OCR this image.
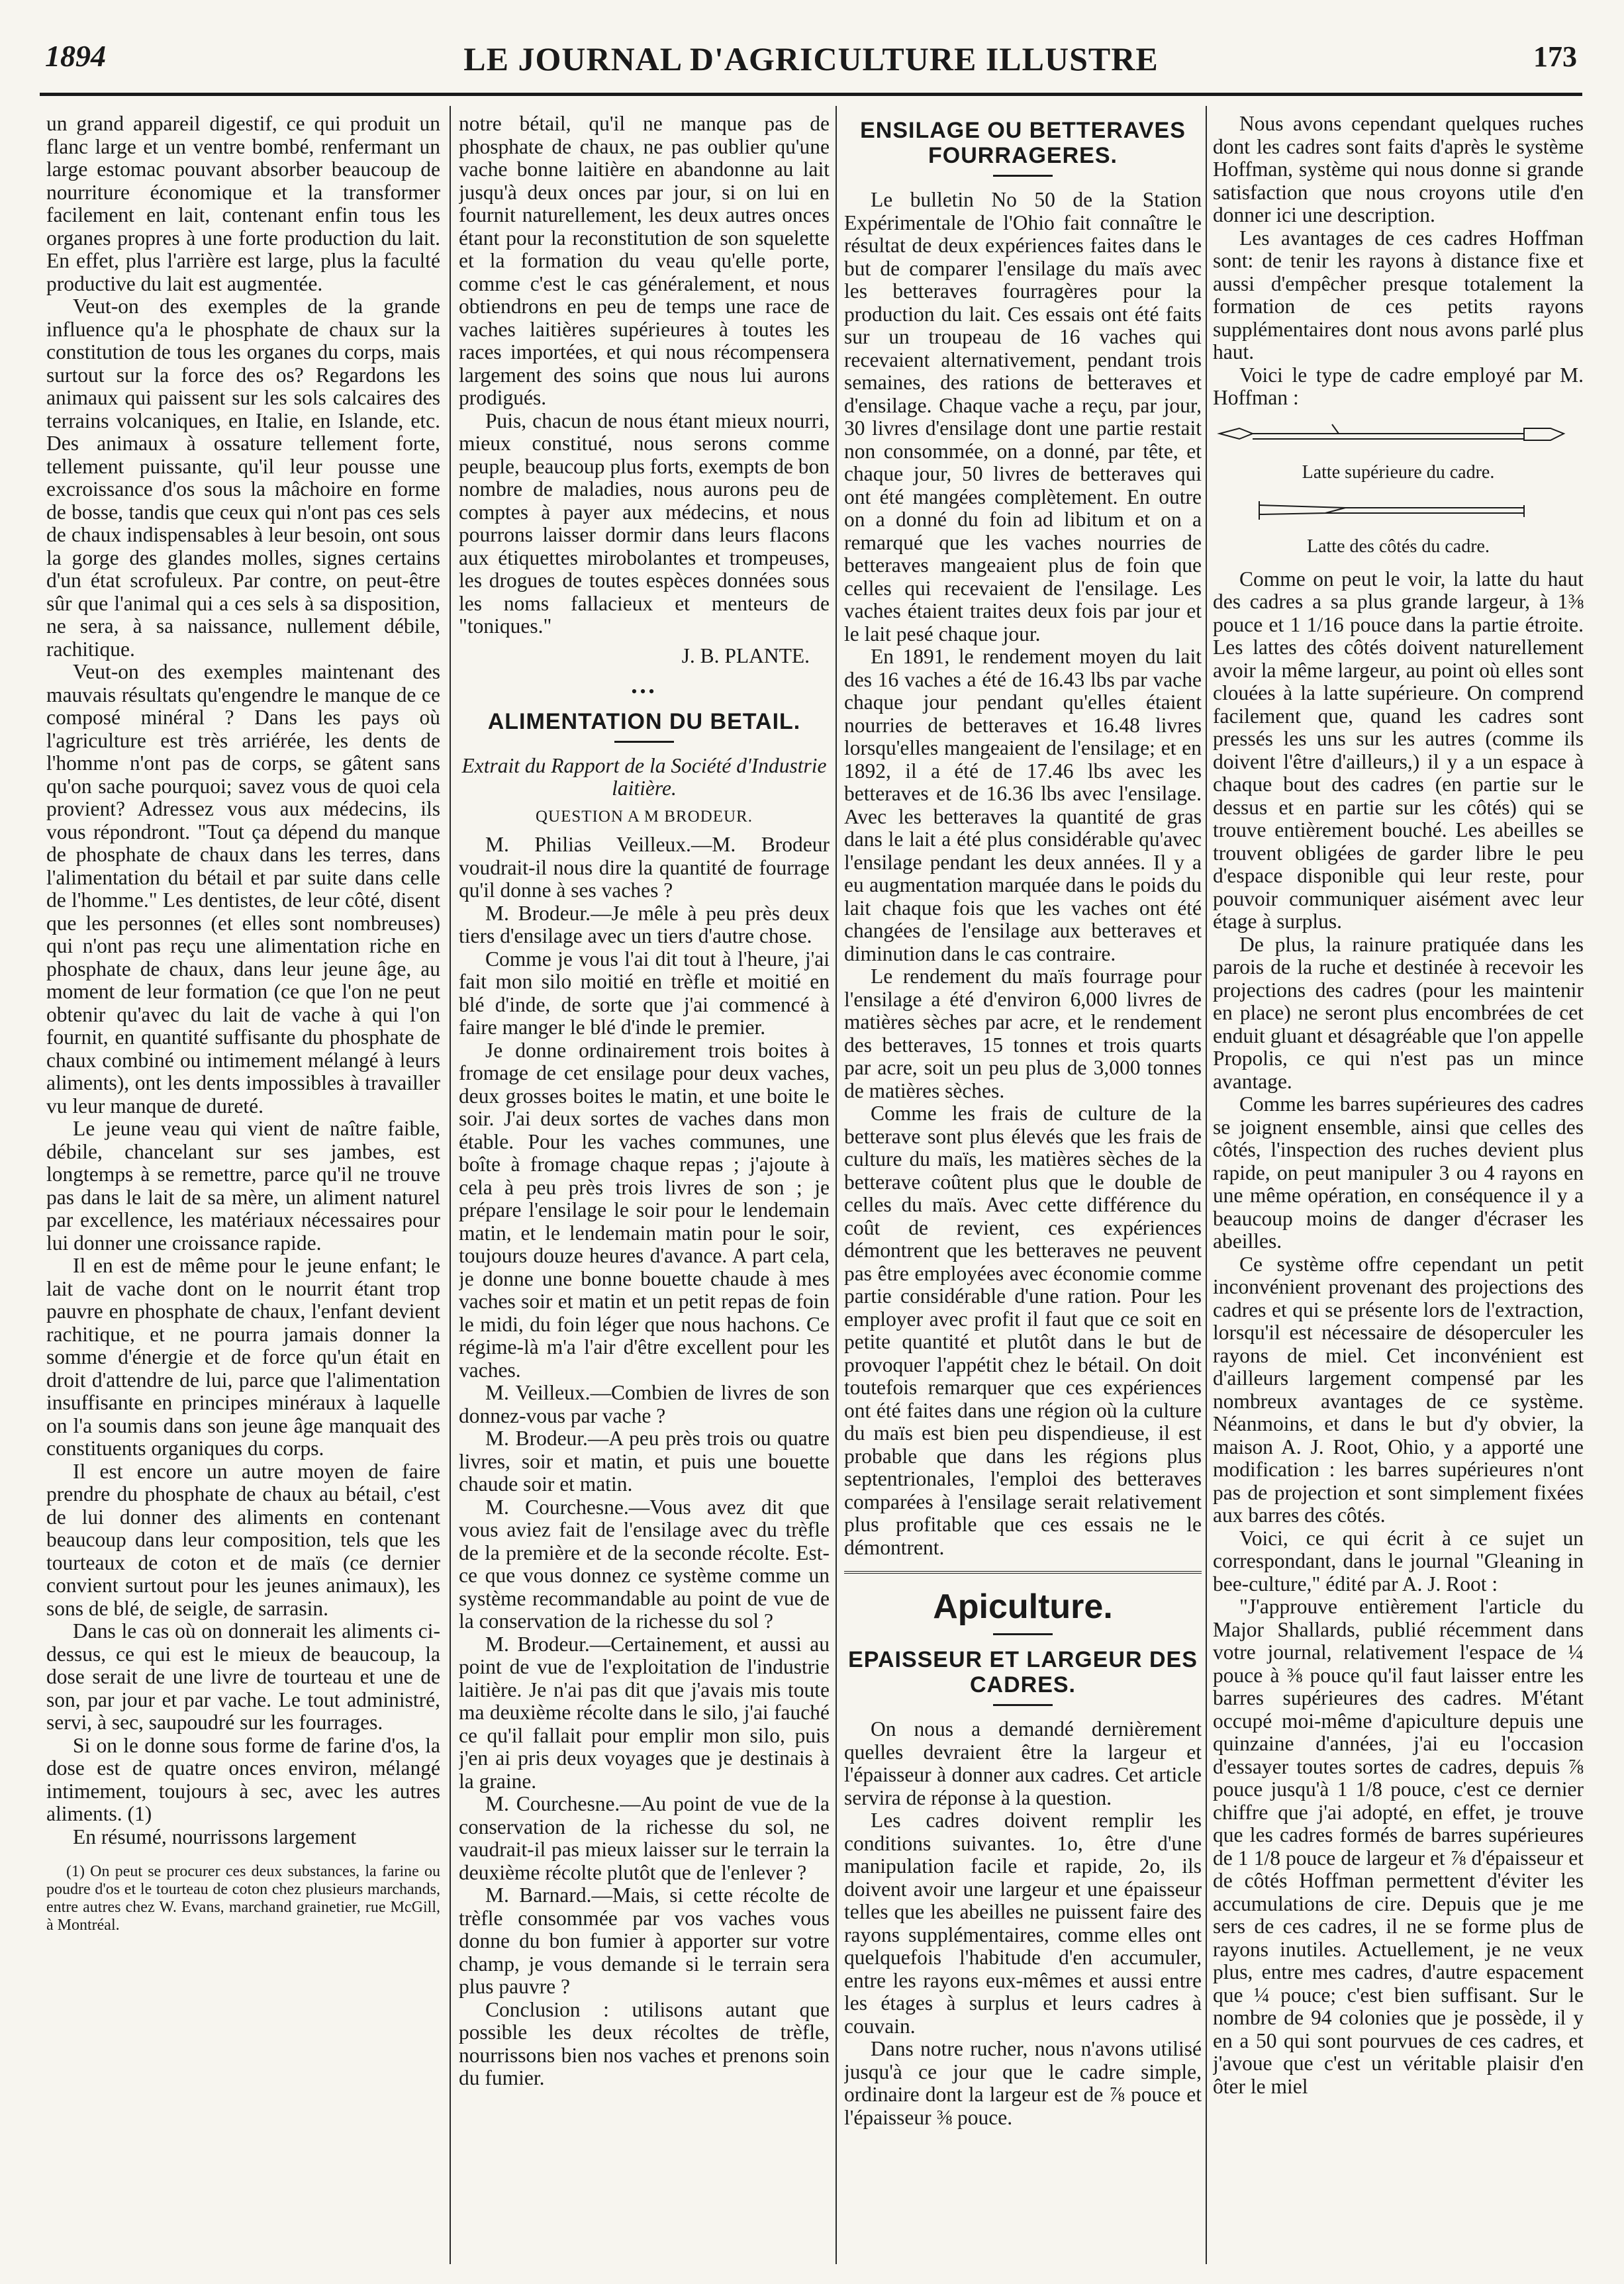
1894	LE JOURNAL D'AGRICULTURE ILLUSTRE	173

un grand appareil digestif, ce qui produit un flanc large et un ventre bombé, renfermant un large estomac pouvant absorber beaucoup de nourriture économique et la transformer facilement en lait, contenant enfin tous les organes propres à une forte production du lait. En effet, plus l'arrière est large, plus la faculté productive du lait est augmentée.

Veut-on des exemples de la grande influence qu'a le phosphate de chaux sur la constitution de tous les organes du corps, mais surtout sur la force des os? Regardons les animaux qui paissent sur les sols calcaires des terrains volcaniques, en Italie, en Islande, etc. Des animaux à ossature tellement forte, tellement puissante, qu'il leur pousse une excroissance d'os sous la mâchoire en forme de bosse, tandis que ceux qui n'ont pas ces sels de chaux indispensables à leur besoin, ont sous la gorge des glandes molles, signes certains d'un état scrofuleux. Par contre, on peut-être sûr que l'animal qui a ces sels à sa disposition, ne sera, à sa naissance, nullement débile, rachitique.

Veut-on des exemples maintenant des mauvais résultats qu'engendre le manque de ce composé minéral ? Dans les pays où l'agriculture est très arriérée, les dents de l'homme n'ont pas de corps, se gâtent sans qu'on sache pourquoi; savez vous de quoi cela provient? Adressez vous aux médecins, ils vous répondront. "Tout ça dépend du manque de phosphate de chaux dans les terres, dans l'alimentation du bétail et par suite dans celle de l'homme." Les dentistes, de leur côté, disent que les personnes (et elles sont nombreuses) qui n'ont pas reçu une alimentation riche en phosphate de chaux, dans leur jeune âge, au moment de leur formation (ce que l'on ne peut obtenir qu'avec du lait de vache à qui l'on fournit, en quantité suffisante du phosphate de chaux combiné ou intimement mélangé à leurs aliments), ont les dents impossibles à travailler vu leur manque de dureté.

Le jeune veau qui vient de naître faible, débile, chancelant sur ses jambes, est longtemps à se remettre, parce qu'il ne trouve pas dans le lait de sa mère, un aliment naturel par excellence, les matériaux nécessaires pour lui donner une croissance rapide.

Il en est de même pour le jeune enfant; le lait de vache dont on le nourrit étant trop pauvre en phosphate de chaux, l'enfant devient rachitique, et ne pourra jamais donner la somme d'énergie et de force qu'un était en droit d'attendre de lui, parce que l'alimentation insuffisante en principes minéraux à laquelle on l'a soumis dans son jeune âge manquait des constituents organiques du corps.

Il est encore un autre moyen de faire prendre du phosphate de chaux au bétail, c'est de lui donner des aliments en contenant beaucoup dans leur composition, tels que les tourteaux de coton et de maïs (ce dernier convient surtout pour les jeunes animaux), les sons de blé, de seigle, de sarrasin.

Dans le cas où on donnerait les aliments ci-dessus, ce qui est le mieux de beaucoup, la dose serait de une livre de tourteau et une de son, par jour et par vache. Le tout administré, servi, à sec, saupoudré sur les fourrages.

Si on le donne sous forme de farine d'os, la dose est de quatre onces environ, mélangé intimement, toujours à sec, avec les autres aliments. (1)

En résumé, nourrissons largement

(1) On peut se procurer ces deux substances, la farine ou poudre d'os et le tourteau de coton chez plusieurs marchands, entre autres chez W. Evans, marchand grainetier, rue McGill, à Montréal.

notre bétail, qu'il ne manque pas de phosphate de chaux, ne pas oublier qu'une vache bonne laitière en abandonne au lait jusqu'à deux onces par jour, si on lui en fournit naturellement, les deux autres onces étant pour la reconstitution de son squelette et la formation du veau qu'elle porte, comme c'est le cas généralement, et nous obtiendrons en peu de temps une race de vaches laitières supérieures à toutes les races importées, et qui nous récompensera largement des soins que nous lui aurons prodigués.

Puis, chacun de nous étant mieux nourri, mieux constitué, nous serons comme peuple, beaucoup plus forts, exempts de bon nombre de maladies, nous aurons peu de comptes à payer aux médecins, et nous pourrons laisser dormir dans leurs flacons aux étiquettes mirobolantes et trompeuses, les drogues de toutes espèces données sous les noms fallacieux et menteurs de "toniques."

J. B. PLANTE.
•••
ALIMENTATION DU BETAIL.
Extrait du Rapport de la Société d'Industrie laitière.
QUESTION A M BRODEUR.

M. Philias Veilleux.—M. Brodeur voudrait-il nous dire la quantité de fourrage qu'il donne à ses vaches ?

M. Brodeur.—Je mêle à peu près deux tiers d'ensilage avec un tiers d'autre chose.

Comme je vous l'ai dit tout à l'heure, j'ai fait mon silo moitié en trèfle et moitié en blé d'inde, de sorte que j'ai commencé à faire manger le blé d'inde le premier.

Je donne ordinairement trois boites à fromage de cet ensilage pour deux vaches, deux grosses boites le matin, et une boite le soir. J'ai deux sortes de vaches dans mon étable. Pour les vaches communes, une boîte à fromage chaque repas ; j'ajoute à cela à peu près trois livres de son ; je prépare l'ensilage le soir pour le lendemain matin, et le lendemain matin pour le soir, toujours douze heures d'avance. A part cela, je donne une bonne bouette chaude à mes vaches soir et matin et un petit repas de foin le midi, du foin léger que nous hachons. Ce régime-là m'a l'air d'être excellent pour les vaches.

M. Veilleux.—Combien de livres de son donnez-vous par vache ?

M. Brodeur.—A peu près trois ou quatre livres, soir et matin, et puis une bouette chaude soir et matin.

M. Courchesne.—Vous avez dit que vous aviez fait de l'ensilage avec du trèfle de la première et de la seconde récolte. Est-ce que vous donnez ce système comme un système recommandable au point de vue de la conservation de la richesse du sol ?

M. Brodeur.—Certainement, et aussi au point de vue de l'exploitation de l'industrie laitière. Je n'ai pas dit que j'avais mis toute ma deuxième récolte dans le silo, j'ai fauché ce qu'il fallait pour emplir mon silo, puis j'en ai pris deux voyages que je destinais à la graine.

M. Courchesne.—Au point de vue de la conservation de la richesse du sol, ne vaudrait-il pas mieux laisser sur le terrain la deuxième récolte plutôt que de l'enlever ?

M. Barnard.—Mais, si cette récolte de trèfle consommée par vos vaches vous donne du bon fumier à apporter sur votre champ, je vous demande si le terrain sera plus pauvre ?

Conclusion : utilisons autant que possible les deux récoltes de trèfle, nourrissons bien nos vaches et prenons soin du fumier.

ENSILAGE OU BETTERAVES FOURRAGERES.

Le bulletin No 50 de la Station Expérimentale de l'Ohio fait connaître le résultat de deux expériences faites dans le but de comparer l'ensilage du maïs avec les betteraves fourragères pour la production du lait. Ces essais ont été faits sur un troupeau de 16 vaches qui recevaient alternativement, pendant trois semaines, des rations de betteraves et d'ensilage. Chaque vache a reçu, par jour, 30 livres d'ensilage dont une partie restait non consommée, on a donné, par tête, et chaque jour, 50 livres de betteraves qui ont été mangées complètement. En outre on a donné du foin ad libitum et on a remarqué que les vaches nourries de betteraves mangeaient plus de foin que celles qui recevaient de l'ensilage. Les vaches étaient traites deux fois par jour et le lait pesé chaque jour.

En 1891, le rendement moyen du lait des 16 vaches a été de 16.43 lbs par vache chaque jour pendant qu'elles étaient nourries de betteraves et 16.48 livres lorsqu'elles mangeaient de l'ensilage; et en 1892, il a été de 17.46 lbs avec les betteraves et de 16.36 lbs avec l'ensilage. Avec les betteraves la quantité de gras dans le lait a été plus considérable qu'avec l'ensilage pendant les deux années. Il y a eu augmentation marquée dans le poids du lait chaque fois que les vaches ont été changées de l'ensilage aux betteraves et diminution dans le cas contraire.

Le rendement du maïs fourrage pour l'ensilage a été d'environ 6,000 livres de matières sèches par acre, et le rendement des betteraves, 15 tonnes et trois quarts par acre, soit un peu plus de 3,000 tonnes de matières sèches.

Comme les frais de culture de la betterave sont plus élevés que les frais de culture du maïs, les matières sèches de la betterave coûtent plus que le double de celles du maïs. Avec cette différence du coût de revient, ces expériences démontrent que les betteraves ne peuvent pas être employées avec économie comme partie considérable d'une ration. Pour les employer avec profit il faut que ce soit en petite quantité et plutôt dans le but de provoquer l'appétit chez le bétail. On doit toutefois remarquer que ces expériences ont été faites dans une région où la culture du maïs est bien peu dispendieuse, il est probable que dans les régions plus septentrionales, l'emploi des betteraves comparées à l'ensilage serait relativement plus profitable que ces essais ne le démontrent.

Apiculture.
EPAISSEUR ET LARGEUR DES CADRES.

On nous a demandé dernièrement quelles devraient être la largeur et l'épaisseur à donner aux cadres. Cet article servira de réponse à la question.

Les cadres doivent remplir les conditions suivantes. 1o, être d'une manipulation facile et rapide, 2o, ils doivent avoir une largeur et une épaisseur telles que les abeilles ne puissent faire des rayons supplémentaires, comme elles ont quelquefois l'habitude d'en accumuler, entre les rayons eux-mêmes et aussi entre les étages à surplus et leurs cadres à couvain.

Dans notre rucher, nous n'avons utilisé jusqu'à ce jour que le cadre simple, ordinaire dont la largeur est de ⅞ pouce et l'épaisseur ⅜ pouce.

Nous avons cependant quelques ruches dont les cadres sont faits d'après le système Hoffman, système qui nous donne si grande satisfaction que nous croyons utile d'en donner ici une description.

Les avantages de ces cadres Hoffman sont: de tenir les rayons à distance fixe et aussi d'empêcher presque totalement la formation de ces petits rayons supplémentaires dont nous avons parlé plus haut.

Voici le type de cadre employé par M. Hoffman :

Latte supérieure du cadre.
Latte des côtés du cadre.

Comme on peut le voir, la latte du haut des cadres a sa plus grande largeur, à 1⅜ pouce et 1 1/16 pouce dans la partie étroite. Les lattes des côtés doivent naturellement avoir la même largeur, au point où elles sont clouées à la latte supérieure. On comprend facilement que, quand les cadres sont pressés les uns sur les autres (comme ils doivent l'être d'ailleurs,) il y a un espace à chaque bout des cadres (en partie sur le dessus et en partie sur les côtés) qui se trouve entièrement bouché. Les abeilles se trouvent obligées de garder libre le peu d'espace disponible qui leur reste, pour pouvoir communiquer aisément avec leur étage à surplus.

De plus, la rainure pratiquée dans les parois de la ruche et destinée à recevoir les projections des cadres (pour les maintenir en place) ne seront plus encombrées de cet enduit gluant et désagréable que l'on appelle Propolis, ce qui n'est pas un mince avantage.

Comme les barres supérieures des cadres se joignent ensemble, ainsi que celles des côtés, l'inspection des ruches devient plus rapide, on peut manipuler 3 ou 4 rayons en une même opération, en conséquence il y a beaucoup moins de danger d'écraser les abeilles.

Ce système offre cependant un petit inconvénient provenant des projections des cadres et qui se présente lors de l'extraction, lorsqu'il est nécessaire de désoperculer les rayons de miel. Cet inconvénient est d'ailleurs largement compensé par les nombreux avantages de ce système. Néanmoins, et dans le but d'y obvier, la maison A. J. Root, Ohio, y a apporté une modification : les barres supérieures n'ont pas de projection et sont simplement fixées aux barres des côtés.

Voici, ce qui écrit à ce sujet un correspondant, dans le journal "Gleaning in bee-culture," édité par A. J. Root :

"J'approuve entièrement l'article du Major Shallards, publié récemment dans votre journal, relativement l'espace de ¼ pouce à ⅜ pouce qu'il faut laisser entre les barres supérieures des cadres. M'étant occupé moi-même d'apiculture depuis une quinzaine d'années, j'ai eu l'occasion d'essayer toutes sortes de cadres, depuis ⅞ pouce jusqu'à 1 1/8 pouce, c'est ce dernier chiffre que j'ai adopté, en effet, je trouve que les cadres formés de barres supérieures de 1 1/8 pouce de largeur et ⅞ d'épaisseur et de côtés Hoffman permettent d'éviter les accumulations de cire. Depuis que je me sers de ces cadres, il ne se forme plus de rayons inutiles. Actuellement, je ne veux plus, entre mes cadres, d'autre espacement que ¼ pouce; c'est bien suffisant. Sur le nombre de 94 colonies que je possède, il y en a 50 qui sont pourvues de ces cadres, et j'avoue que c'est un véritable plaisir d'en ôter le miel
